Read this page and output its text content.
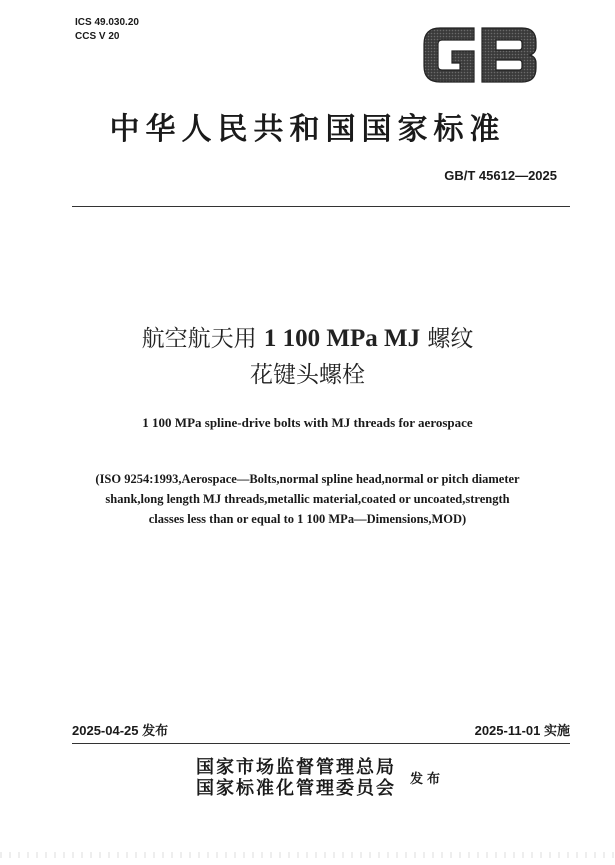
ICS 49.030.20
CCS V 20
中华人民共和国国家标准
GB/T 45612—2025
航空航天用 1 100 MPa MJ 螺纹
花键头螺栓
1 100 MPa spline-drive bolts with MJ threads for aerospace
(ISO 9254:1993,Aerospace—Bolts,normal spline head,normal or pitch diameter
shank,long length MJ threads,metallic material,coated or uncoated,strength
classes less than or equal to 1 100 MPa—Dimensions,MOD)
2025-04-25 发布	2025-11-01 实施
国家市场监督管理总局
国家标准化管理委员会 发布
